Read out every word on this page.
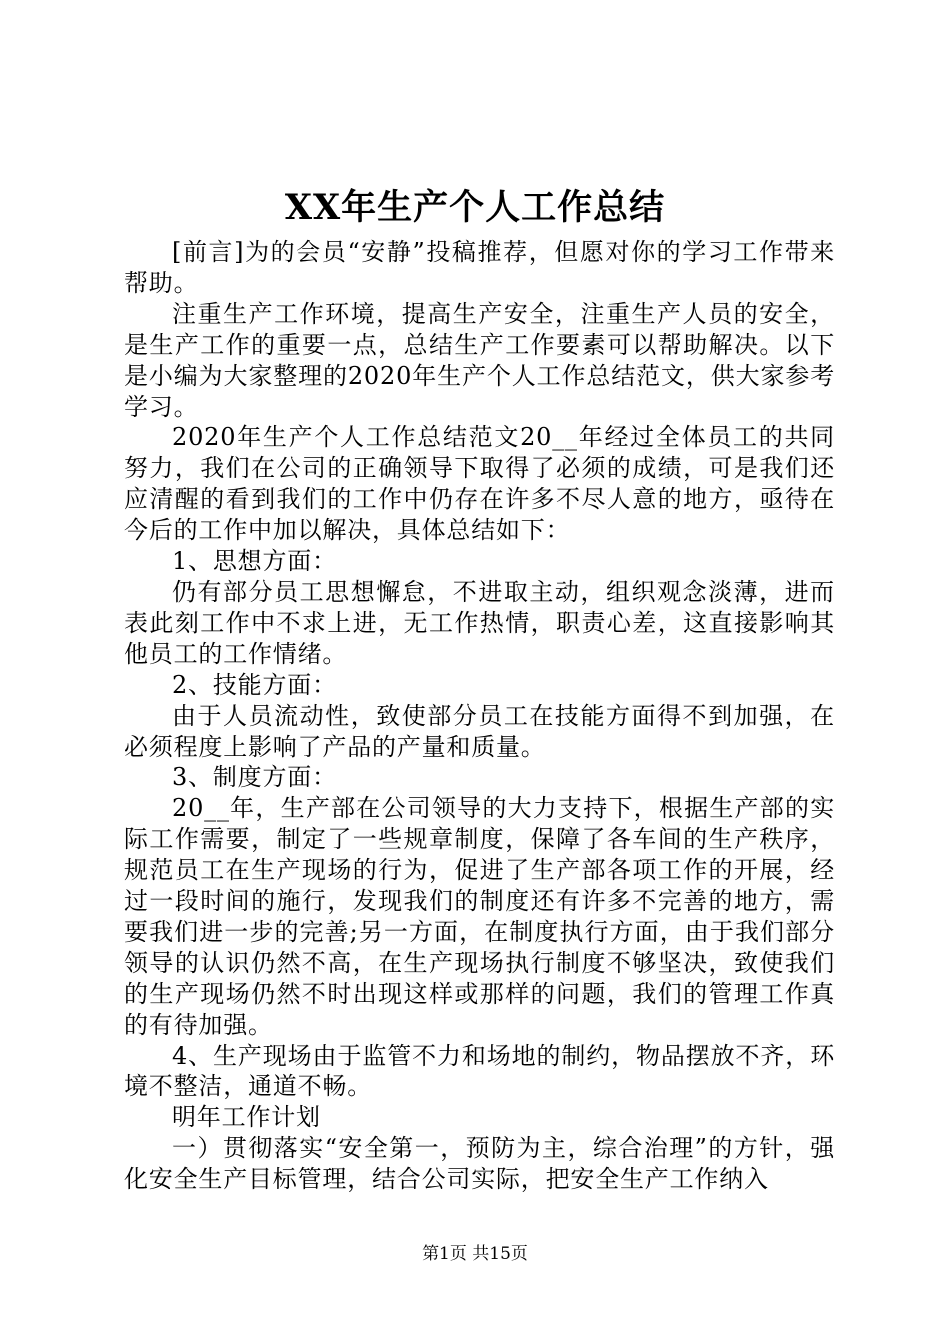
XX年生产个人工作总结

[前言]为的会员“安静”投稿推荐，但愿对你的学习工作带来帮助。

注重生产工作环境，提高生产安全，注重生产人员的安全，是生产工作的重要一点，总结生产工作要素可以帮助解决。以下是小编为大家整理的2020年生产个人工作总结范文，供大家参考学习。

2020年生产个人工作总结范文20__年经过全体员工的共同努力，我们在公司的正确领导下取得了必须的成绩，可是我们还应清醒的看到我们的工作中仍存在许多不尽人意的地方，亟待在今后的工作中加以解决，具体总结如下：

1、思想方面：

仍有部分员工思想懈怠，不进取主动，组织观念淡薄，进而表此刻工作中不求上进，无工作热情，职责心差，这直接影响其他员工的工作情绪。

2、技能方面：

由于人员流动性，致使部分员工在技能方面得不到加强，在必须程度上影响了产品的产量和质量。

3、制度方面：

20__年，生产部在公司领导的大力支持下，根据生产部的实际工作需要，制定了一些规章制度，保障了各车间的生产秩序，规范员工在生产现场的行为，促进了生产部各项工作的开展，经过一段时间的施行，发现我们的制度还有许多不完善的地方，需要我们进一步的完善;另一方面，在制度执行方面，由于我们部分领导的认识仍然不高，在生产现场执行制度不够坚决，致使我们的生产现场仍然不时出现这样或那样的问题，我们的管理工作真的有待加强。

4、生产现场由于监管不力和场地的制约，物品摆放不齐，环境不整洁，通道不畅。

明年工作计划

一）贯彻落实“安全第一，预防为主，综合治理”的方针，强化安全生产目标管理，结合公司实际，把安全生产工作纳入

第1页 共15页
